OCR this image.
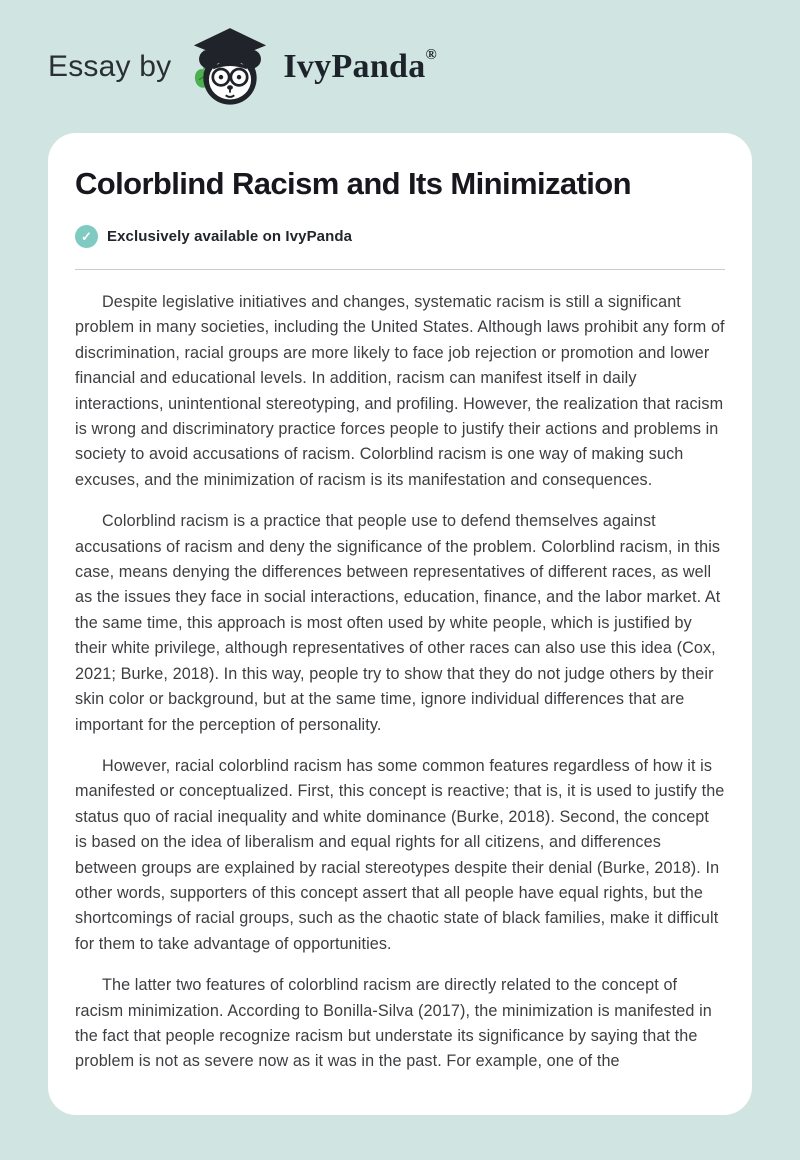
Essay by	IvyPanda®
Colorblind Racism and Its Minimization
✓	Exclusively available on IvyPanda

Despite legislative initiatives and changes, systematic racism is still a significant problem in many societies, including the United States. Although laws prohibit any form of discrimination, racial groups are more likely to face job rejection or promotion and lower financial and educational levels. In addition, racism can manifest itself in daily interactions, unintentional stereotyping, and profiling. However, the realization that racism is wrong and discriminatory practice forces people to justify their actions and problems in society to avoid accusations of racism. Colorblind racism is one way of making such excuses, and the minimization of racism is its manifestation and consequences.

Colorblind racism is a practice that people use to defend themselves against accusations of racism and deny the significance of the problem. Colorblind racism, in this case, means denying the differences between representatives of different races, as well as the issues they face in social interactions, education, finance, and the labor market. At the same time, this approach is most often used by white people, which is justified by their white privilege, although representatives of other races can also use this idea (Cox, 2021; Burke, 2018). In this way, people try to show that they do not judge others by their skin color or background, but at the same time, ignore individual differences that are important for the perception of personality.

However, racial colorblind racism has some common features regardless of how it is manifested or conceptualized. First, this concept is reactive; that is, it is used to justify the status quo of racial inequality and white dominance (Burke, 2018). Second, the concept is based on the idea of liberalism and equal rights for all citizens, and differences between groups are explained by racial stereotypes despite their denial (Burke, 2018). In other words, supporters of this concept assert that all people have equal rights, but the shortcomings of racial groups, such as the chaotic state of black families, make it difficult for them to take advantage of opportunities.

The latter two features of colorblind racism are directly related to the concept of racism minimization. According to Bonilla-Silva (2017), the minimization is manifested in the fact that people recognize racism but understate its significance by saying that the problem is not as severe now as it was in the past. For example, one of the
